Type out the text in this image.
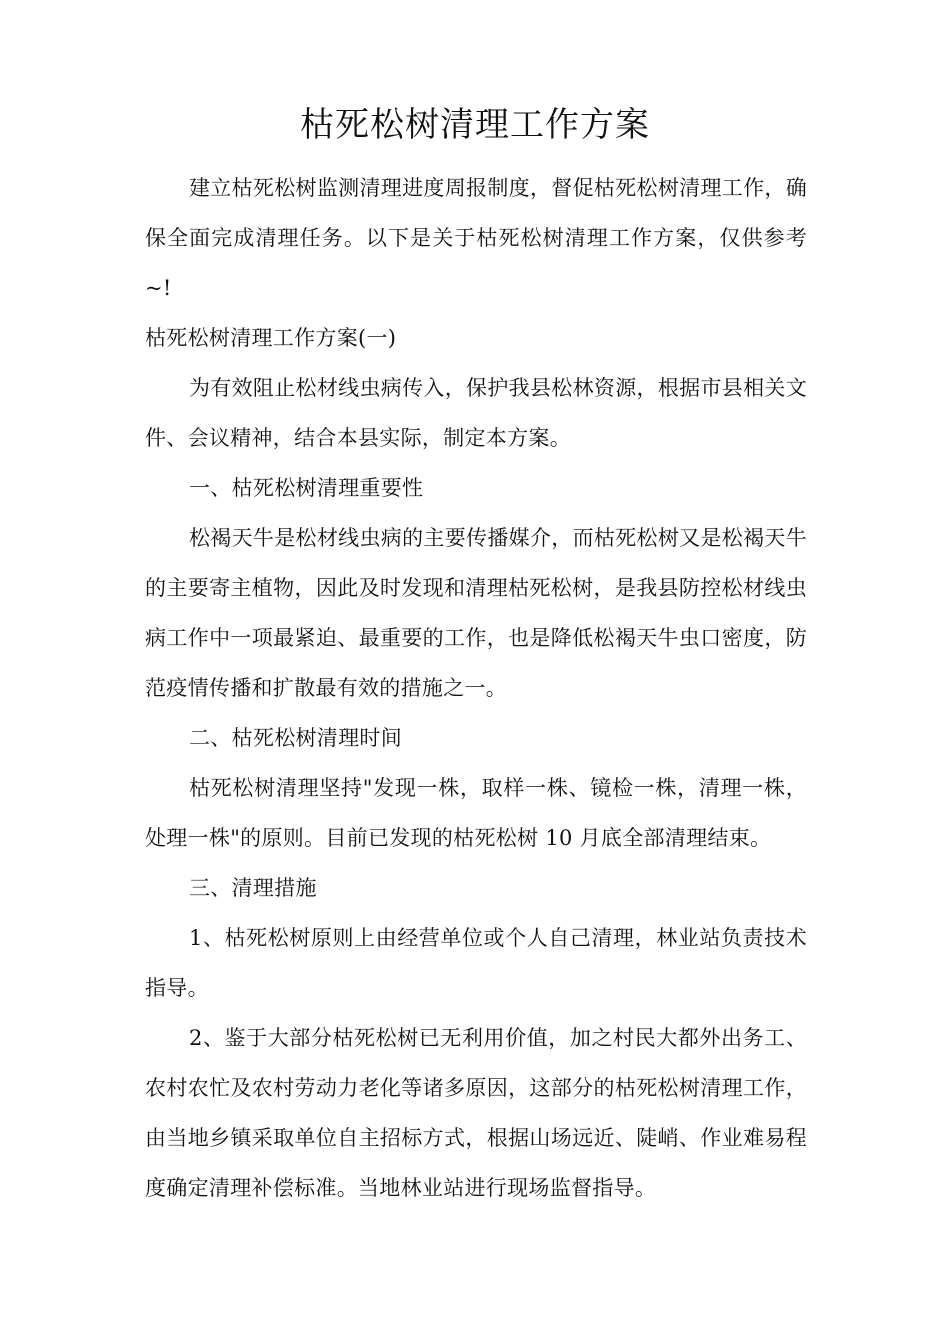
枯死松树清理工作方案

建立枯死松树监测清理进度周报制度，督促枯死松树清理工作，确保全面完成清理任务。以下是关于枯死松树清理工作方案，仅供参考~!

枯死松树清理工作方案(一)

为有效阻止松材线虫病传入，保护我县松林资源，根据市县相关文件、会议精神，结合本县实际，制定本方案。

一、枯死松树清理重要性

松褐天牛是松材线虫病的主要传播媒介，而枯死松树又是松褐天牛的主要寄主植物，因此及时发现和清理枯死松树，是我县防控松材线虫病工作中一项最紧迫、最重要的工作，也是降低松褐天牛虫口密度，防范疫情传播和扩散最有效的措施之一。

二、枯死松树清理时间

枯死松树清理坚持"发现一株，取样一株、镜检一株，清理一株，处理一株"的原则。目前已发现的枯死松树 10 月底全部清理结束。

三、清理措施

1、枯死松树原则上由经营单位或个人自己清理，林业站负责技术指导。

2、鉴于大部分枯死松树已无利用价值，加之村民大都外出务工、农村农忙及农村劳动力老化等诸多原因，这部分的枯死松树清理工作，由当地乡镇采取单位自主招标方式，根据山场远近、陡峭、作业难易程度确定清理补偿标准。当地林业站进行现场监督指导。
